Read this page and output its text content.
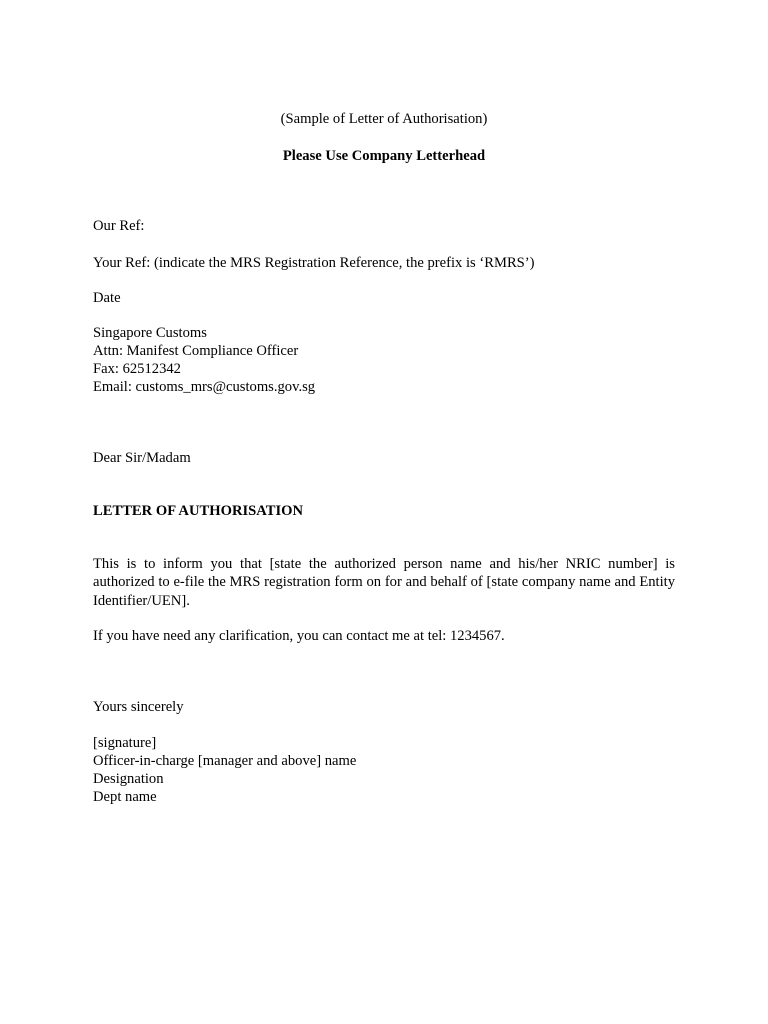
(Sample of Letter of Authorisation)
Please Use Company Letterhead
Our Ref:
Your Ref: (indicate the MRS Registration Reference, the prefix is ‘RMRS’)
Date
Singapore Customs
Attn: Manifest Compliance Officer
Fax: 62512342
Email: customs_mrs@customs.gov.sg
Dear Sir/Madam
LETTER OF AUTHORISATION
This is to inform you that [state the authorized person name and his/her NRIC number] is authorized to e-file the MRS registration form on for and behalf of [state company name and Entity Identifier/UEN].
If you have need any clarification, you can contact me at tel: 1234567.
Yours sincerely
[signature]
Officer-in-charge [manager and above] name
Designation
Dept name
